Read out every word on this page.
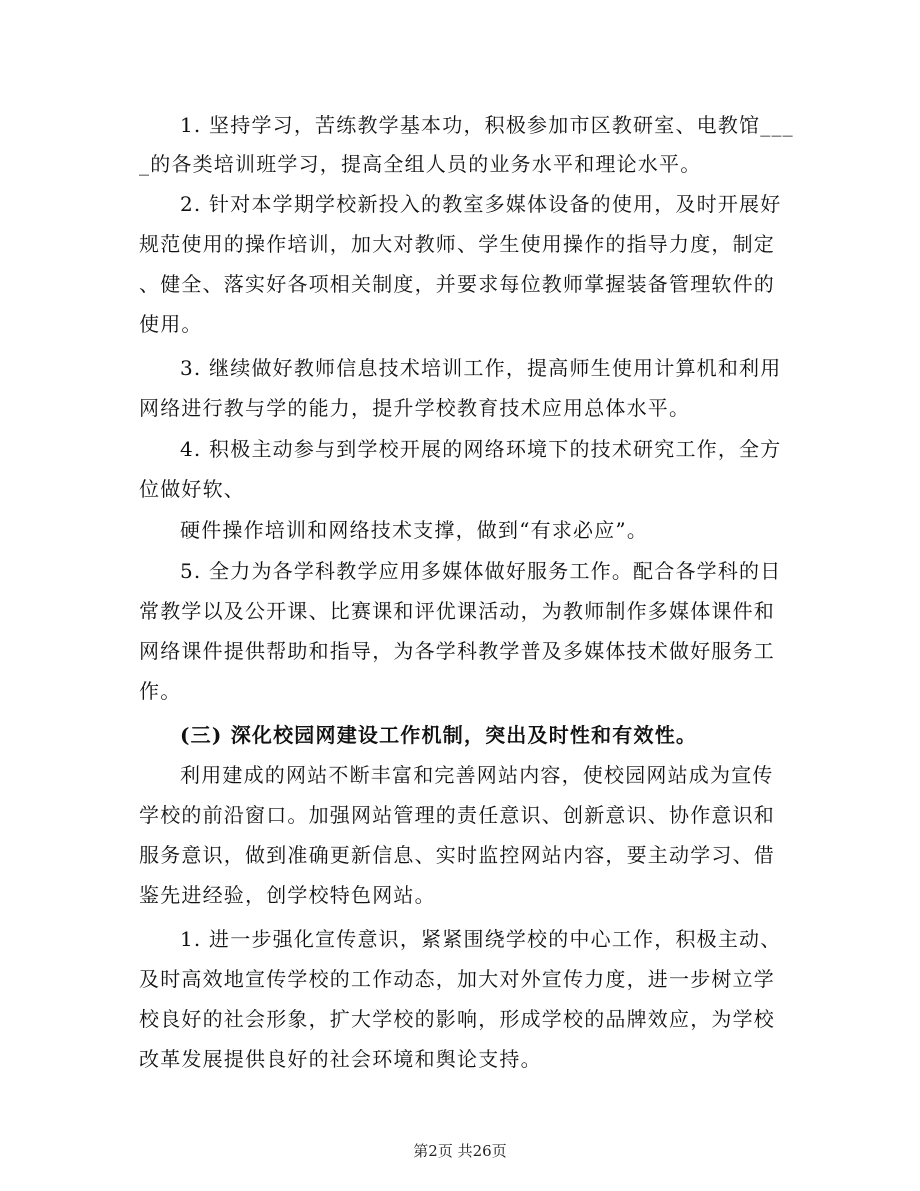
1. 坚持学习，苦练教学基本功，积极参加市区教研室、电教馆___
_的各类培训班学习，提高全组人员的业务水平和理论水平。
2. 针对本学期学校新投入的教室多媒体设备的使用，及时开展好
规范使用的操作培训，加大对教师、学生使用操作的指导力度，制定
、健全、落实好各项相关制度，并要求每位教师掌握装备管理软件的
使用。
3. 继续做好教师信息技术培训工作，提高师生使用计算机和利用
网络进行教与学的能力，提升学校教育技术应用总体水平。
4. 积极主动参与到学校开展的网络环境下的技术研究工作，全方
位做好软、
硬件操作培训和网络技术支撑，做到“有求必应”。
5. 全力为各学科教学应用多媒体做好服务工作。配合各学科的日
常教学以及公开课、比赛课和评优课活动，为教师制作多媒体课件和
网络课件提供帮助和指导，为各学科教学普及多媒体技术做好服务工
作。
(三) 深化校园网建设工作机制，突出及时性和有效性。
利用建成的网站不断丰富和完善网站内容，使校园网站成为宣传
学校的前沿窗口。加强网站管理的责任意识、创新意识、协作意识和
服务意识，做到准确更新信息、实时监控网站内容，要主动学习、借
鉴先进经验，创学校特色网站。
1. 进一步强化宣传意识，紧紧围绕学校的中心工作，积极主动、
及时高效地宣传学校的工作动态，加大对外宣传力度，进一步树立学
校良好的社会形象，扩大学校的影响，形成学校的品牌效应，为学校
改革发展提供良好的社会环境和舆论支持。
第2页 共26页
